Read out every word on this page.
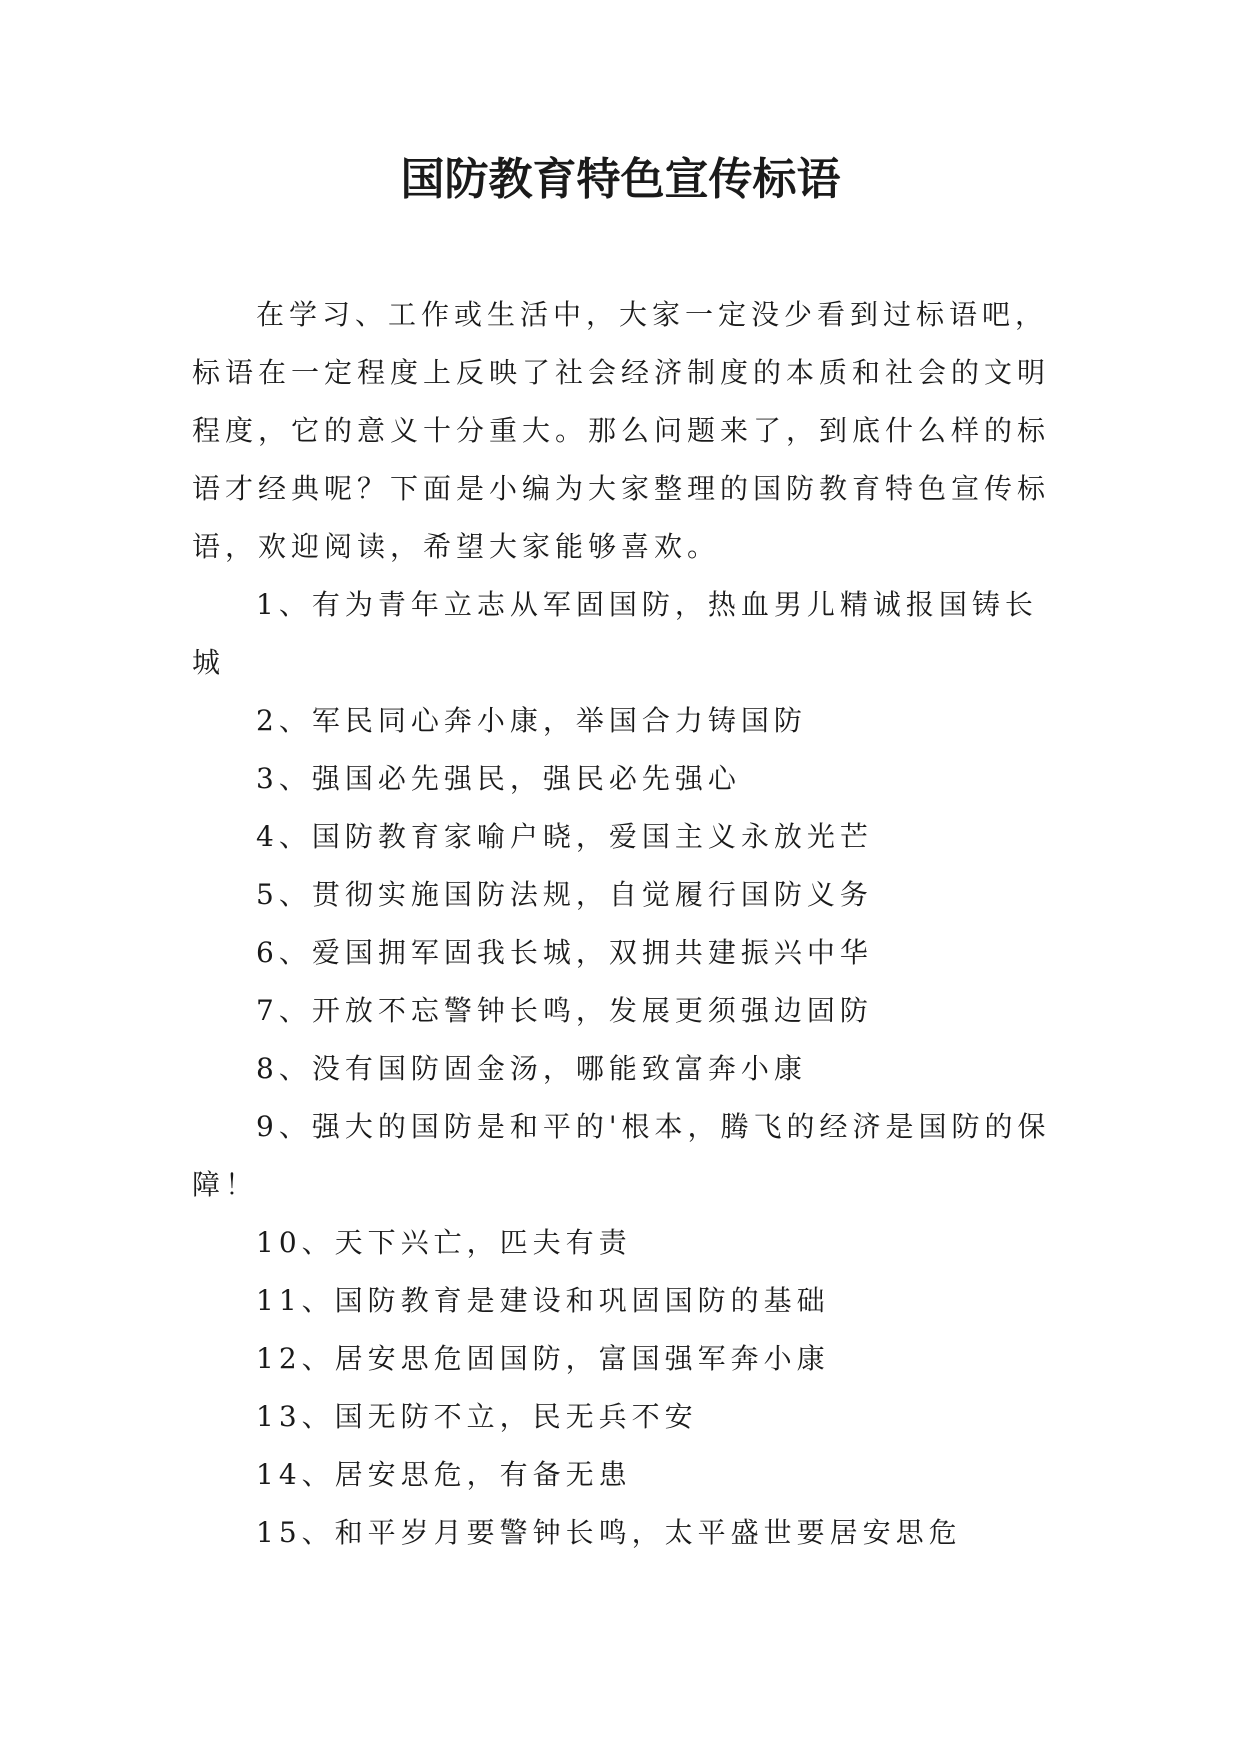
国防教育特色宣传标语

在学习、工作或生活中，大家一定没少看到过标语吧，标语在一定程度上反映了社会经济制度的本质和社会的文明程度，它的意义十分重大。那么问题来了，到底什么样的标语才经典呢？下面是小编为大家整理的国防教育特色宣传标语，欢迎阅读，希望大家能够喜欢。

1、有为青年立志从军固国防，热血男儿精诚报国铸长城
2、军民同心奔小康，举国合力铸国防
3、强国必先强民，强民必先强心
4、国防教育家喻户晓，爱国主义永放光芒
5、贯彻实施国防法规，自觉履行国防义务
6、爱国拥军固我长城，双拥共建振兴中华
7、开放不忘警钟长鸣，发展更须强边固防
8、没有国防固金汤，哪能致富奔小康
9、强大的国防是和平的'根本，腾飞的经济是国防的保障！
10、天下兴亡，匹夫有责
11、国防教育是建设和巩固国防的基础
12、居安思危固国防，富国强军奔小康
13、国无防不立，民无兵不安
14、居安思危，有备无患
15、和平岁月要警钟长鸣，太平盛世要居安思危
